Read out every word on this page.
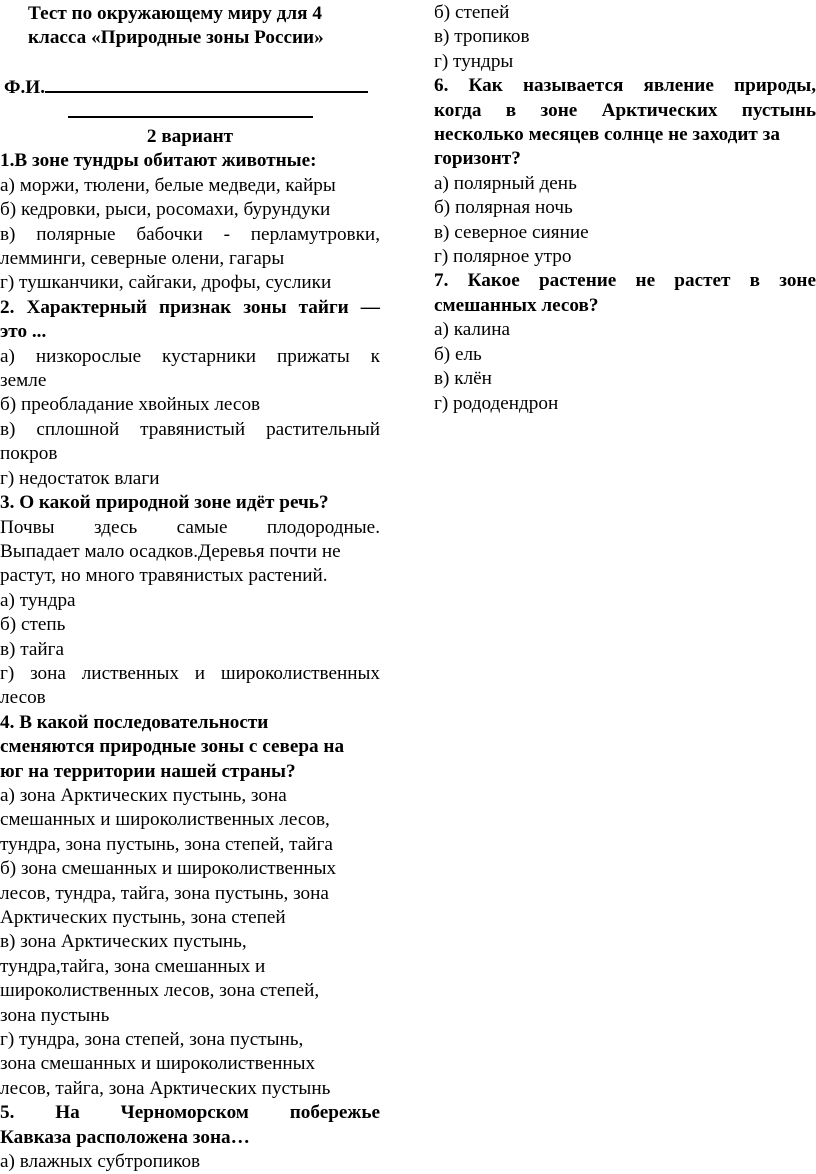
Тест по окружающему миру для 4
класса «Природные зоны России»
Ф.И.
2 вариант
1.В зоне тундры обитают животные:
а) моржи, тюлени, белые медведи, кайры
б) кедровки, рыси, росомахи, бурундуки
в) полярные бабочки - перламутровки,
лемминги, северные олени, гагары
г) тушканчики, сайгаки, дрофы, суслики
2. Характерный признак зоны тайги —
это ...
а) низкорослые кустарники прижаты к
земле
б) преобладание хвойных лесов
в) сплошной травянистый растительный
покров
г) недостаток влаги
3. О какой природной зоне идёт речь?
Почвы здесь самые плодородные.
Выпадает мало осадков.Деревья почти не
растут, но много травянистых растений.
а) тундра
б) степь
в) тайга
г) зона лиственных и широколиственных
лесов
4. В какой последовательности
сменяются природные зоны с севера на
юг на территории нашей страны?
а) зона Арктических пустынь, зона
смешанных и широколиственных лесов,
тундра, зона пустынь, зона степей, тайга
б) зона смешанных и широколиственных
лесов, тундра, тайга, зона пустынь, зона
Арктических пустынь, зона степей
в) зона Арктических пустынь,
тундра,тайга, зона смешанных и
широколиственных лесов, зона степей,
зона пустынь
г) тундра, зона степей, зона пустынь,
зона смешанных и широколиственных
лесов, тайга, зона Арктических пустынь
5. На Черноморском побережье
Кавказа расположена зона…
а) влажных субтропиков
б) степей
в) тропиков
г) тундры
6. Как называется явление природы,
когда в зоне Арктических пустынь
несколько месяцев солнце не заходит за
горизонт?
а) полярный день
б) полярная ночь
в) северное сияние
г) полярное утро
7. Какое растение не растет в зоне
смешанных лесов?
а) калина
б) ель
в) клён
г) рододендрон
